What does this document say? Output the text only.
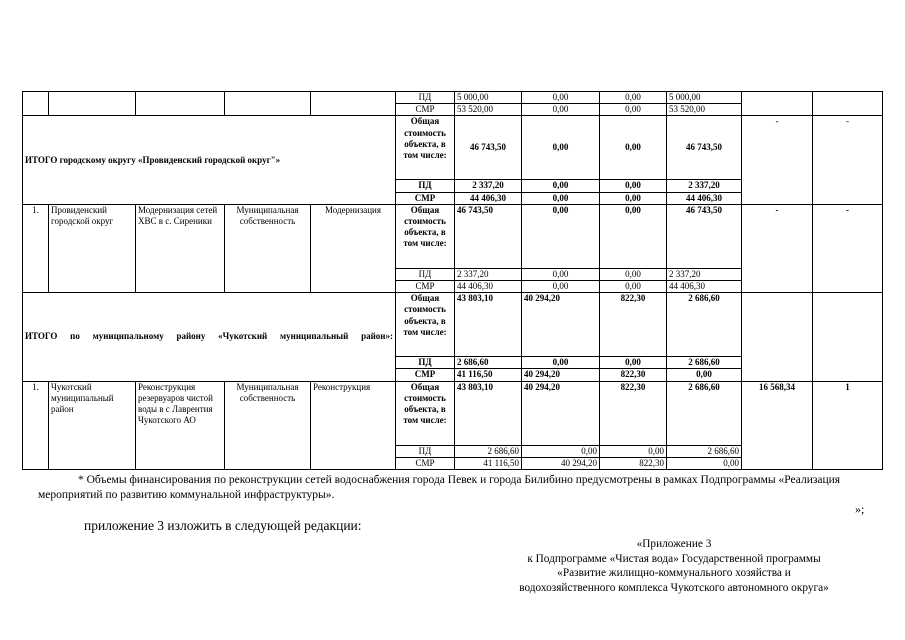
					ПД	5 000,00	0,00	0,00	5 000,00		
					СМР	53 520,00	0,00	0,00	53 520,00		
ИТОГО городскому округу «Провиденский городской округ"»					Общая стоимость объекта, в том числе:	46 743,50	0,00	0,00	46 743,50	-	-
					ПД	2 337,20	0,00	0,00	2 337,20		
					СМР	44 406,30	0,00	0,00	44 406,30		
1.	Провиденский городской округ	Модернизация сетей ХВС в с. Сиреники	Муниципальная собственность	Модернизация	Общая стоимость объекта, в том числе:	46 743,50	0,00	0,00	46 743,50	-	-
					ПД	2 337,20	0,00	0,00	2 337,20		
					СМР	44 406,30	0,00	0,00	44 406,30		
ИТОГО по муниципальному району «Чукотский муниципальный район»:					Общая стоимость объекта, в том числе:	43 803,10	40 294,20	822,30	2 686,60		
					ПД	2 686,60	0,00	0,00	2 686,60		
					СМР	41 116,50	40 294,20	822,30	0,00		
1.	Чукотский муниципальный район	Реконструкция резервуаров чистой воды в с Лаврентия Чукотского АО	Муниципальная собственность	Реконструкция	Общая стоимость объекта, в том числе:	43 803,10	40 294,20	822,30	2 686,60	16 568,34	1
					ПД	2 686,60	0,00	0,00	2 686,60		
					СМР	41 116,50	40 294,20	822,30	0,00		
* Объемы финансирования по реконструкции сетей водоснабжения города Певек и города Билибино предусмотрены в рамках Подпрограммы «Реализация мероприятий по развитию коммунальной инфраструктуры».
»;
приложение 3 изложить в следующей редакции:
«Приложение 3
к Подпрограмме «Чистая вода» Государственной программы
«Развитие жилищно-коммунального хозяйства и
водохозяйственного комплекса Чукотского автономного округа»
